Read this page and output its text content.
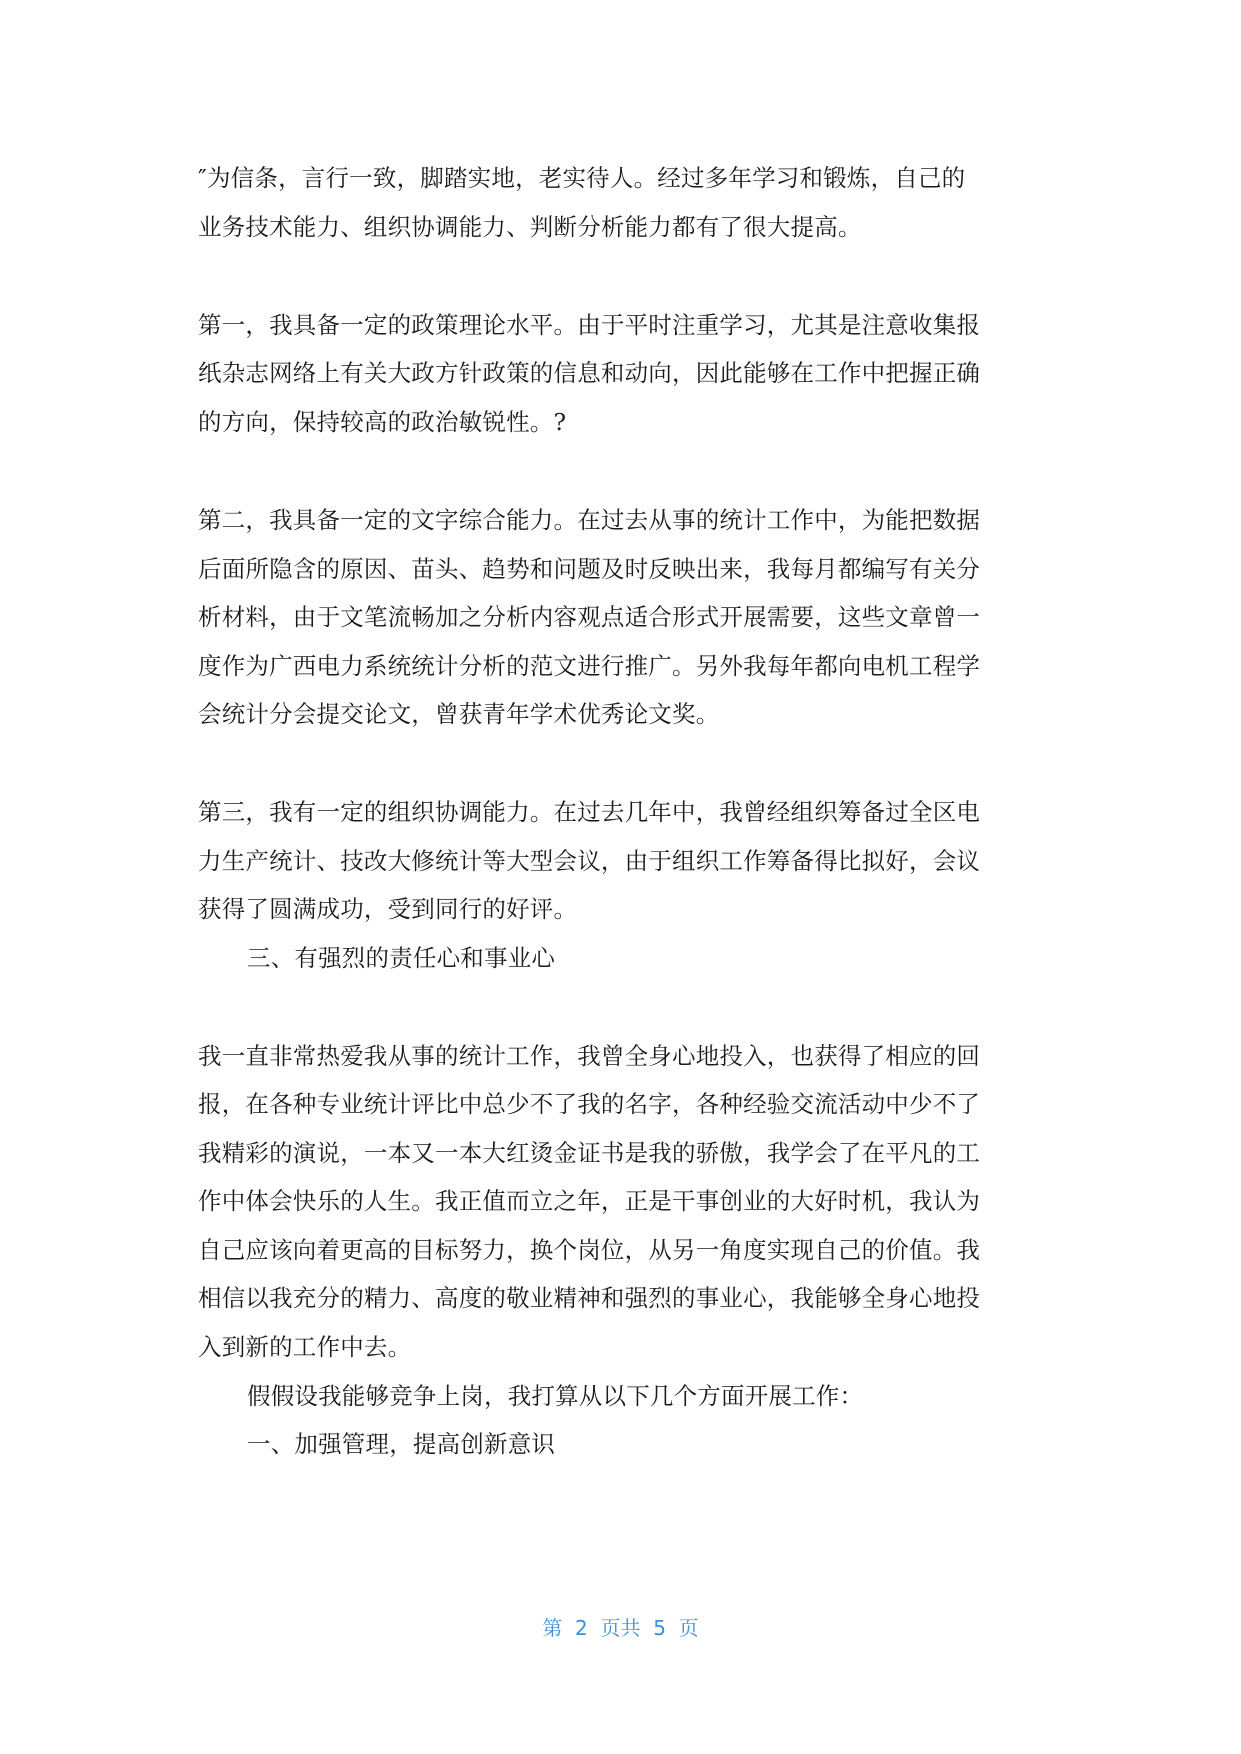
″为信条，言行一致，脚踏实地，老实待人。经过多年学习和锻炼，自己的
业务技术能力、组织协调能力、判断分析能力都有了很大提高。
第一，我具备一定的政策理论水平。由于平时注重学习，尤其是注意收集报
纸杂志网络上有关大政方针政策的信息和动向，因此能够在工作中把握正确
的方向，保持较高的政治敏锐性。?
第二，我具备一定的文字综合能力。在过去从事的统计工作中，为能把数据
后面所隐含的原因、苗头、趋势和问题及时反映出来，我每月都编写有关分
析材料，由于文笔流畅加之分析内容观点适合形式开展需要，这些文章曾一
度作为广西电力系统统计分析的范文进行推广。另外我每年都向电机工程学
会统计分会提交论文，曾获青年学术优秀论文奖。
第三，我有一定的组织协调能力。在过去几年中，我曾经组织筹备过全区电
力生产统计、技改大修统计等大型会议，由于组织工作筹备得比拟好，会议
获得了圆满成功，受到同行的好评。
三、有强烈的责任心和事业心
我一直非常热爱我从事的统计工作，我曾全身心地投入，也获得了相应的回
报，在各种专业统计评比中总少不了我的名字，各种经验交流活动中少不了
我精彩的演说，一本又一本大红烫金证书是我的骄傲，我学会了在平凡的工
作中体会快乐的人生。我正值而立之年，正是干事创业的大好时机，我认为
自己应该向着更高的目标努力，换个岗位，从另一角度实现自己的价值。我
相信以我充分的精力、高度的敬业精神和强烈的事业心，我能够全身心地投
入到新的工作中去。
假假设我能够竞争上岗，我打算从以下几个方面开展工作：
一、加强管理，提高创新意识
第  2  页共  5  页
